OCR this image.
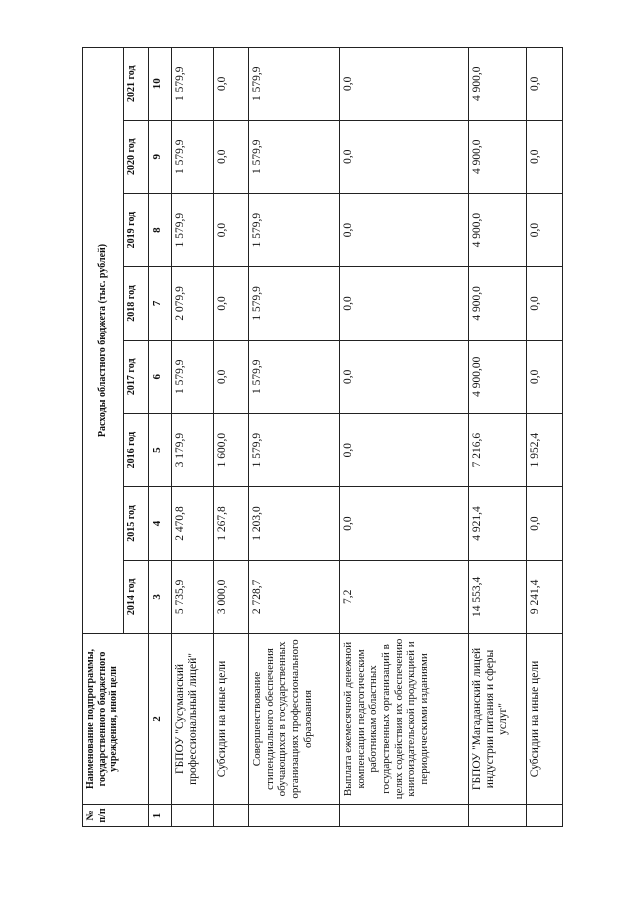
№ п/п	Наименование подпрограммы, государственного бюджетного учреждения, иной цели	Расходы областного бюджета (тыс. рублей)							
		2014 год	2015 год	2016 год	2017 год	2018 год	2019 год	2020 год	2021 год
1	2	3	4	5	6	7	8	9	10
	ГБПОУ "Сусуманский профессиональный лицей"	5 735,9	2 470,8	3 179,9	1 579,9	2 079,9	1 579,9	1 579,9	1 579,9
	Субсидии на иные цели	3 000,0	1 267,8	1 600,0	0,0	0,0	0,0	0,0	0,0
	Совершенствование стипендиального обеспечения обучающихся в государственных организациях профессионального образования	2 728,7	1 203,0	1 579,9	1 579,9	1 579,9	1 579,9	1 579,9	1 579,9
	Выплата ежемесячной денежной компенсации педагогическим работникам областных государственных организаций в целях содействия их обеспечению книгоиздательской продукцией и периодическими изданиями	7,2	0,0	0,0	0,0	0,0	0,0	0,0	0,0
	ГБПОУ "Магаданский лицей индустрии питания и сферы услуг"	14 553,4	4 921,4	7 216,6	4 900,00	4 900,0	4 900,0	4 900,0	4 900,0
	Субсидии на иные цели	9 241,4	0,0	1 952,4	0,0	0,0	0,0	0,0	0,0
